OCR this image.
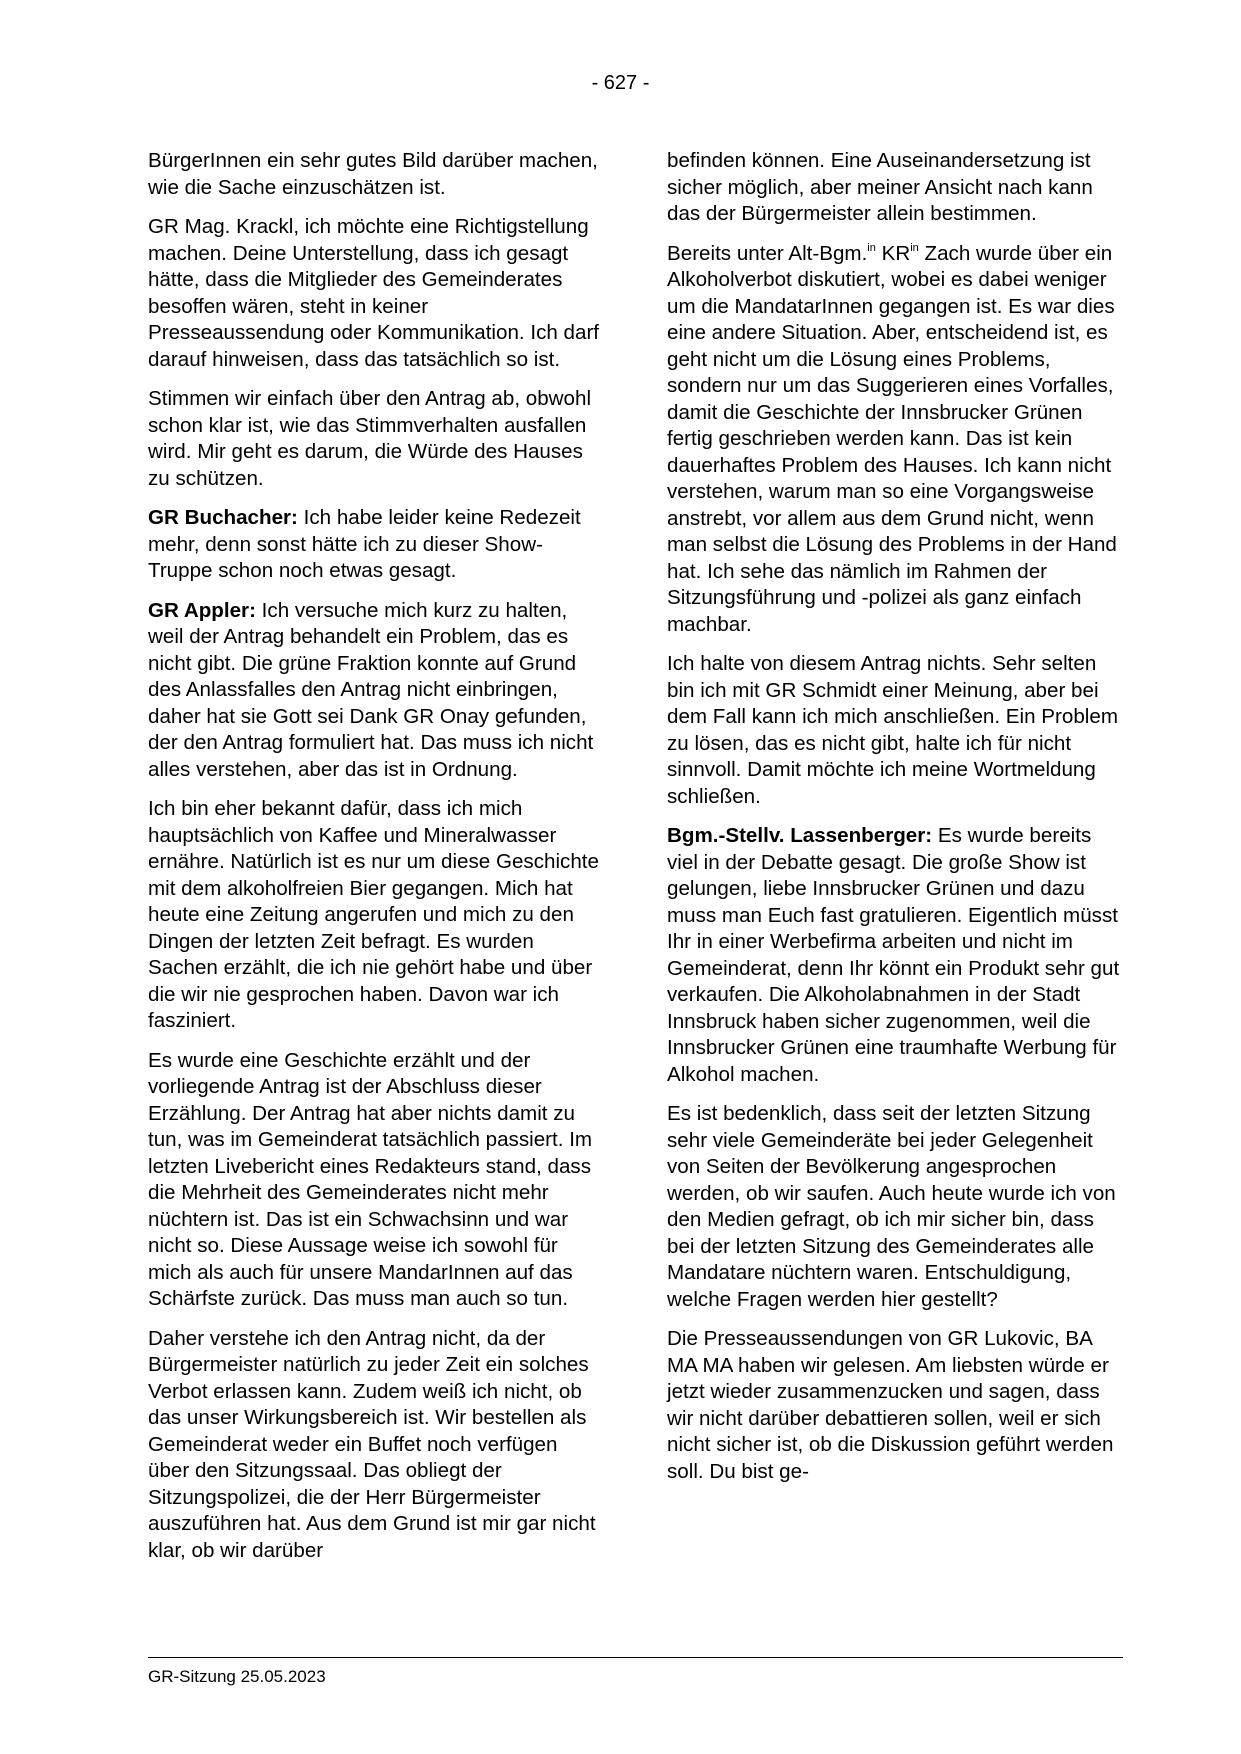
- 627 -

BürgerInnen ein sehr gutes Bild darüber machen, wie die Sache einzuschätzen ist.

GR Mag. Krackl, ich möchte eine Richtigstellung machen. Deine Unterstellung, dass ich gesagt hätte, dass die Mitglieder des Gemeinderates besoffen wären, steht in keiner Presseaussendung oder Kommunikation. Ich darf darauf hinweisen, dass das tatsächlich so ist.

Stimmen wir einfach über den Antrag ab, obwohl schon klar ist, wie das Stimmverhalten ausfallen wird. Mir geht es darum, die Würde des Hauses zu schützen.

GR Buchacher: Ich habe leider keine Redezeit mehr, denn sonst hätte ich zu dieser Show-Truppe schon noch etwas gesagt.

GR Appler: Ich versuche mich kurz zu halten, weil der Antrag behandelt ein Problem, das es nicht gibt. Die grüne Fraktion konnte auf Grund des Anlassfalles den Antrag nicht einbringen, daher hat sie Gott sei Dank GR Onay gefunden, der den Antrag formuliert hat. Das muss ich nicht alles verstehen, aber das ist in Ordnung.

Ich bin eher bekannt dafür, dass ich mich hauptsächlich von Kaffee und Mineralwasser ernähre. Natürlich ist es nur um diese Geschichte mit dem alkoholfreien Bier gegangen. Mich hat heute eine Zeitung angerufen und mich zu den Dingen der letzten Zeit befragt. Es wurden Sachen erzählt, die ich nie gehört habe und über die wir nie gesprochen haben. Davon war ich fasziniert.

Es wurde eine Geschichte erzählt und der vorliegende Antrag ist der Abschluss dieser Erzählung. Der Antrag hat aber nichts damit zu tun, was im Gemeinderat tatsächlich passiert. Im letzten Livebericht eines Redakteurs stand, dass die Mehrheit des Gemeinderates nicht mehr nüchtern ist. Das ist ein Schwachsinn und war nicht so. Diese Aussage weise ich sowohl für mich als auch für unsere MandarInnen auf das Schärfste zurück. Das muss man auch so tun.

Daher verstehe ich den Antrag nicht, da der Bürgermeister natürlich zu jeder Zeit ein solches Verbot erlassen kann. Zudem weiß ich nicht, ob das unser Wirkungsbereich ist. Wir bestellen als Gemeinderat weder ein Buffet noch verfügen über den Sitzungssaal. Das obliegt der Sitzungspolizei, die der Herr Bürgermeister auszuführen hat. Aus dem Grund ist mir gar nicht klar, ob wir darüber

befinden können. Eine Auseinandersetzung ist sicher möglich, aber meiner Ansicht nach kann das der Bürgermeister allein bestimmen.

Bereits unter Alt-Bgm.$^{in}$ $KR^{in}$ Zach wurde über ein Alkoholverbot diskutiert, wobei es dabei weniger um die MandatarInnen gegangen ist. Es war dies eine andere Situation. Aber, entscheidend ist, es geht nicht um die Lösung eines Problems, sondern nur um das Suggerieren eines Vorfalles, damit die Geschichte der Innsbrucker Grünen fertig geschrieben werden kann. Das ist kein dauerhaftes Problem des Hauses. Ich kann nicht verstehen, warum man so eine Vorgangsweise anstrebt, vor allem aus dem Grund nicht, wenn man selbst die Lösung des Problems in der Hand hat. Ich sehe das nämlich im Rahmen der Sitzungsführung und -polizei als ganz einfach machbar.

Ich halte von diesem Antrag nichts. Sehr selten bin ich mit GR Schmidt einer Meinung, aber bei dem Fall kann ich mich anschließen. Ein Problem zu lösen, das es nicht gibt, halte ich für nicht sinnvoll. Damit möchte ich meine Wortmeldung schließen.

Bgm.-Stellv. Lassenberger: Es wurde bereits viel in der Debatte gesagt. Die große Show ist gelungen, liebe Innsbrucker Grünen und dazu muss man Euch fast gratulieren. Eigentlich müsst Ihr in einer Werbefirma arbeiten und nicht im Gemeinderat, denn Ihr könnt ein Produkt sehr gut verkaufen. Die Alkoholabnahmen in der Stadt Innsbruck haben sicher zugenommen, weil die Innsbrucker Grünen eine traumhafte Werbung für Alkohol machen.

Es ist bedenklich, dass seit der letzten Sitzung sehr viele Gemeinderäte bei jeder Gelegenheit von Seiten der Bevölkerung angesprochen werden, ob wir saufen. Auch heute wurde ich von den Medien gefragt, ob ich mir sicher bin, dass bei der letzten Sitzung des Gemeinderates alle Mandatare nüchtern waren. Entschuldigung, welche Fragen werden hier gestellt?

Die Presseaussendungen von GR Lukovic, BA MA MA haben wir gelesen. Am liebsten würde er jetzt wieder zusammenzucken und sagen, dass wir nicht darüber debattieren sollen, weil er sich nicht sicher ist, ob die Diskussion geführt werden soll. Du bist ge-

GR-Sitzung 25.05.2023
